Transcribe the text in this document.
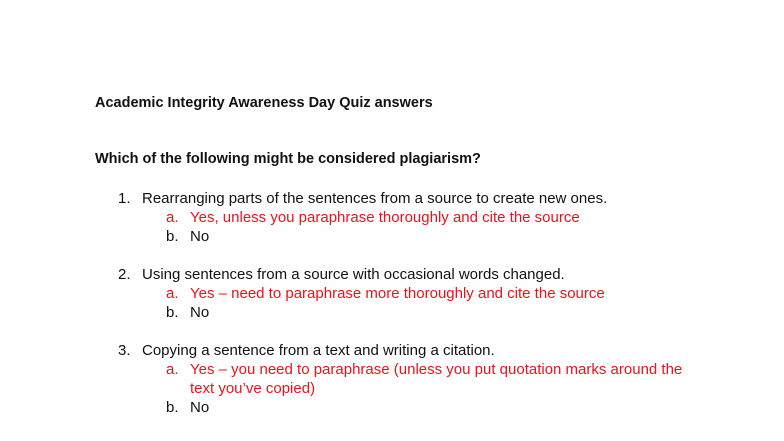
Academic Integrity Awareness Day Quiz answers
Which of the following might be considered plagiarism?
1. Rearranging parts of the sentences from a source to create new ones.
a. Yes, unless you paraphrase thoroughly and cite the source
b. No
2. Using sentences from a source with occasional words changed.
a. Yes – need to paraphrase more thoroughly and cite the source
b. No
3. Copying a sentence from a text and writing a citation.
a. Yes – you need to paraphrase (unless you put quotation marks around the text you’ve copied)
b. No
